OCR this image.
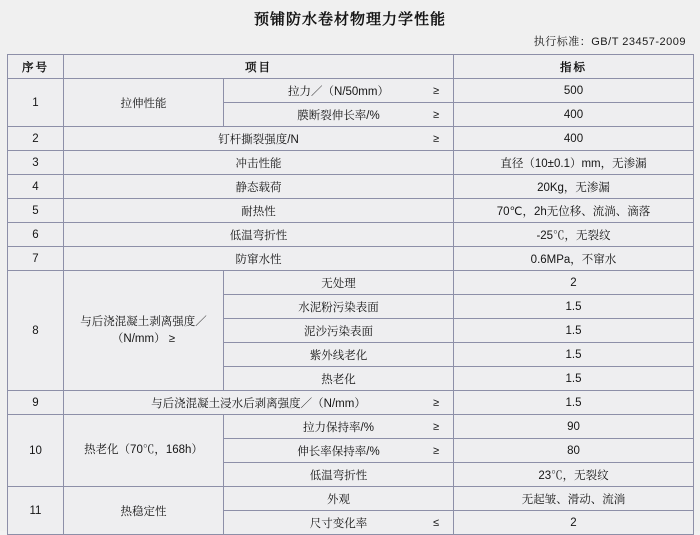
预铺防水卷材物理力学性能
执行标准：GB/T 23457-2009
序号	项目		指标
1	拉伸性能	拉力／（N/50mm） ≥	500

		膜断裂伸长率/% ≥	400
2	钉杆撕裂强度/N ≥		400
3	冲击性能		直径（10±0.1）mm，无渗漏
4	静态载荷		20Kg，无渗漏
5	耐热性		70℃，2h无位移、流淌、滴落
6	低温弯折性		-25℃，无裂纹
7	防窜水性		0.6MPa，不窜水
8	与后浇混凝土剥离强度／（N/mm） ≥	无处理	2
		水泥粉污染表面	1.5
		泥沙污染表面	1.5
		紫外线老化	1.5
		热老化	1.5
9	与后浇混凝土浸水后剥离强度／（N/mm） ≥		1.5
10	热老化（70℃，168h）	拉力保持率/% ≥	90

		伸长率保持率/% ≥	80
		低温弯折性	23℃，无裂纹
11	热稳定性	外观	无起皱、滑动、流淌

		尺寸变化率 ≤	2
